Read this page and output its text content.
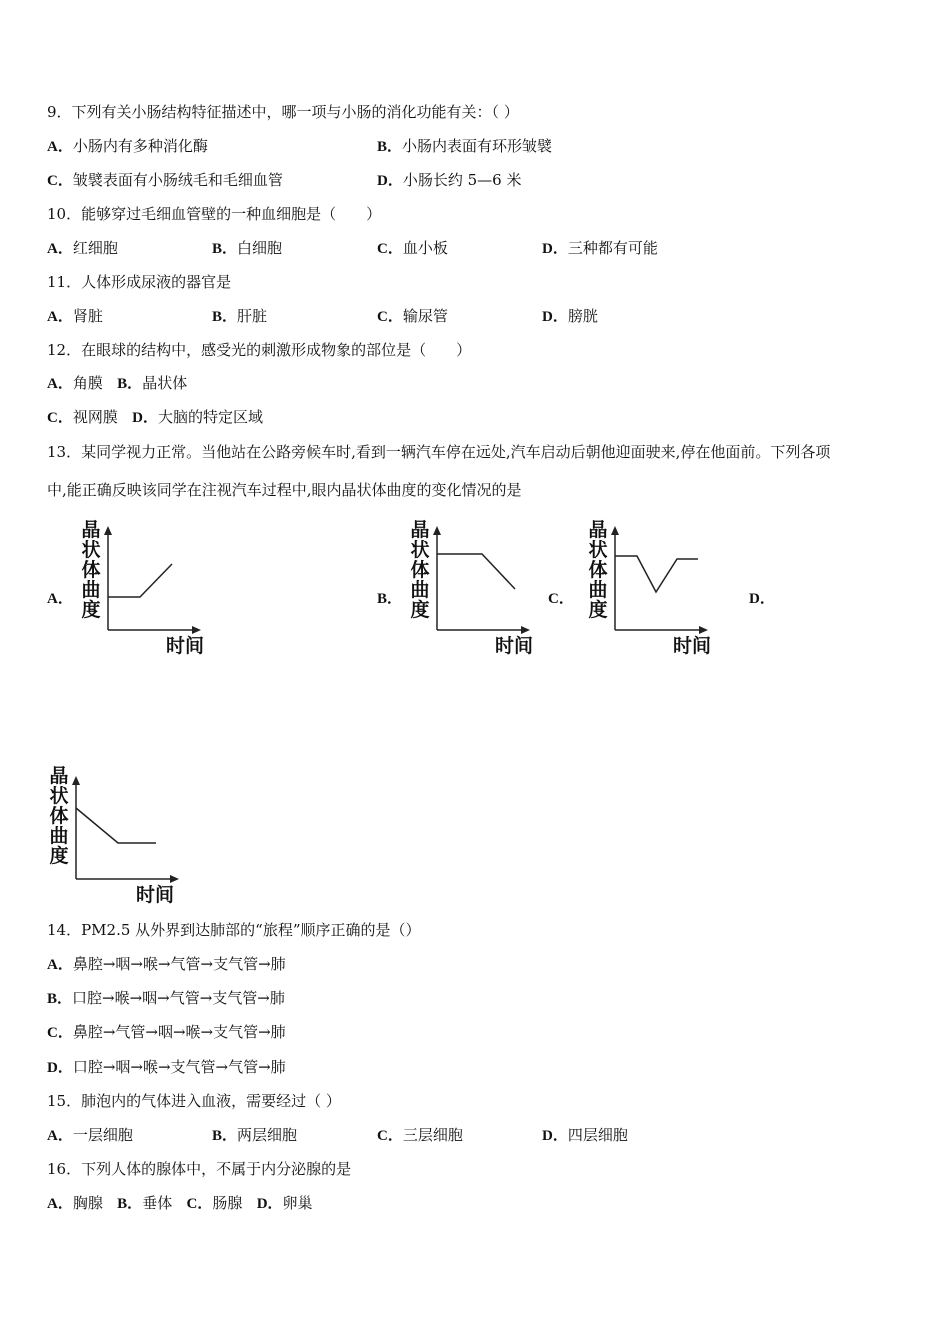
9．下列有关小肠结构特征描述中，哪一项与小肠的消化功能有关：（ ）
A．小肠内有多种消化酶	B．小肠内表面有环形皱襞
C．皱襞表面有小肠绒毛和毛细血管	D．小肠长约 5—6 米
10．能够穿过毛细血管壁的一种血细胞是（　　）
A．红细胞	B．白细胞	C．血小板	D．三种都有可能
11．人体形成尿液的器官是
A．肾脏	B．肝脏	C．输尿管	D．膀胱
12．在眼球的结构中，感受光的刺激形成物象的部位是（　　）
A．角膜 B．晶状体
C．视网膜 D．大脑的特定区域
13．某同学视力正常。当他站在公路旁候车时,看到一辆汽车停在远处,汽车启动后朝他迎面驶来,停在他面前。下列各项
中,能正确反映该同学在注视汽车过程中,眼内晶状体曲度的变化情况的是
A．	B．	C．	D．
晶
状
体
曲
度
时间
晶
状
体
曲
度
时间
晶
状
体
曲
度
时间
晶
状
体
曲
度
时间
14．PM2.5 从外界到达肺部的“旅程”顺序正确的是（）
A．鼻腔→咽→喉→气管→支气管→肺
B．口腔→喉→咽→气管→支气管→肺
C．鼻腔→气管→咽→喉→支气管→肺
D．口腔→咽→喉→支气管→气管→肺
15．肺泡内的气体进入血液，需要经过（ ）
A．一层细胞	B．两层细胞	C．三层细胞	D．四层细胞
16．下列人体的腺体中，不属于内分泌腺的是
A．胸腺 B．垂体 C．肠腺 D．卵巢
